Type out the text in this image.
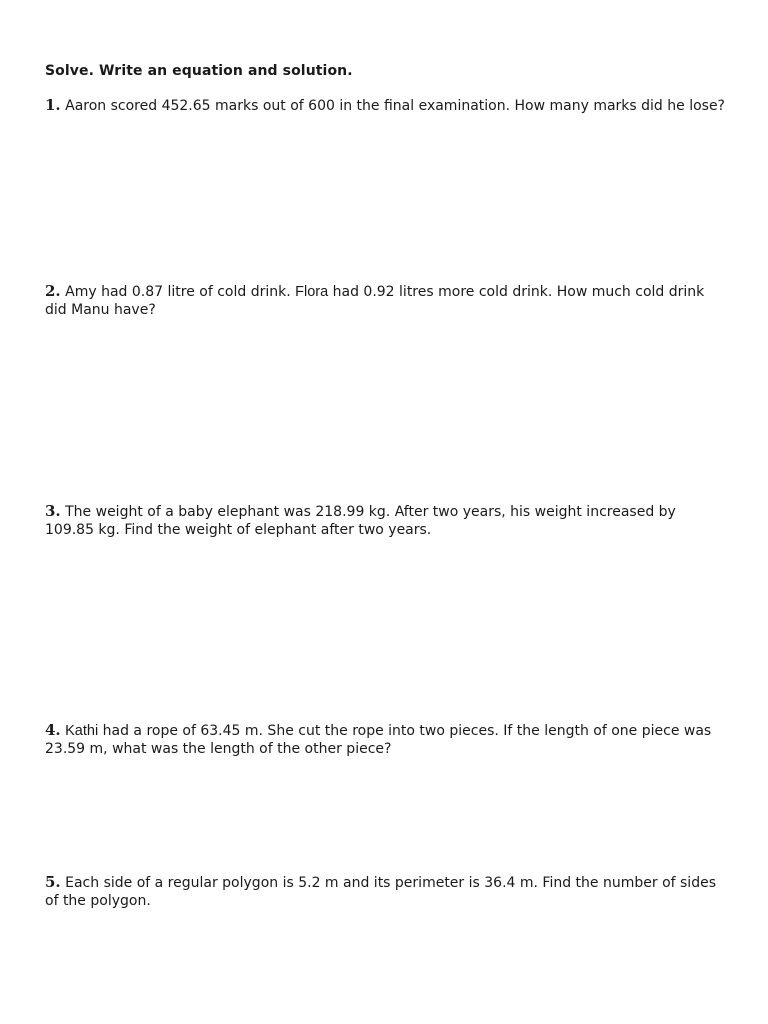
Solve. Write an equation and solution.
1. Aaron scored 452.65 marks out of 600 in the final examination. How many marks did he lose?
2. Amy had 0.87 litre of cold drink. Flora had 0.92 litres more cold drink. How much cold drink did Manu have?
3. The weight of a baby elephant was 218.99 kg. After two years, his weight increased by 109.85 kg. Find the weight of elephant after two years.
4. Kathi had a rope of 63.45 m. She cut the rope into two pieces. If the length of one piece was 23.59 m, what was the length of the other piece?
5. Each side of a regular polygon is 5.2 m and its perimeter is 36.4 m. Find the number of sides of the polygon.
